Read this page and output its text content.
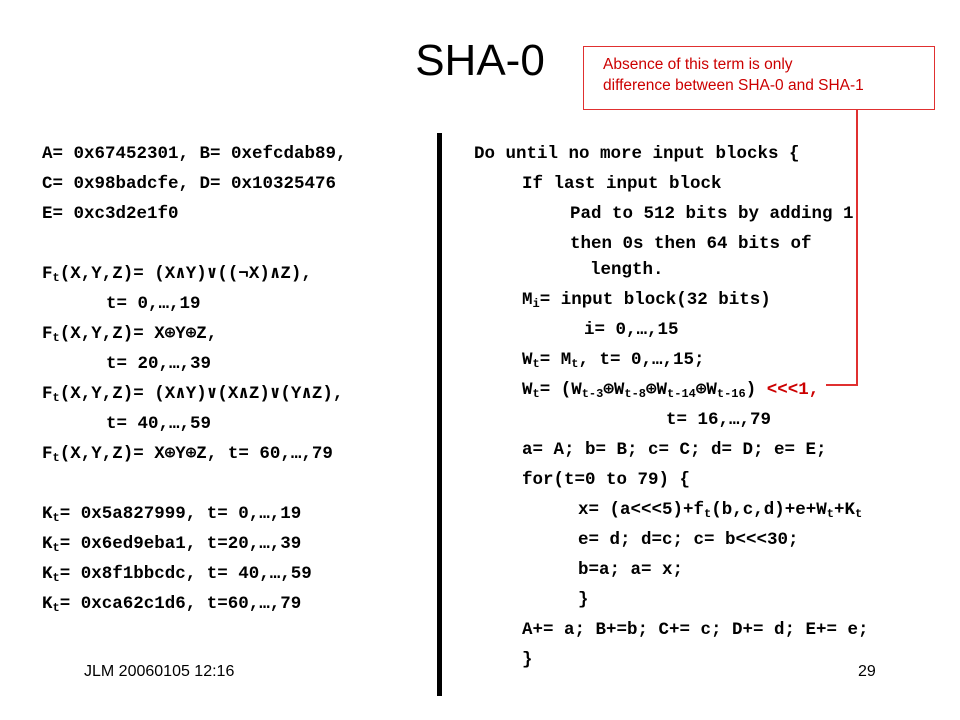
SHA-0	Absence of this term is only
difference between SHA-0 and SHA-1
A= 0x67452301, B= 0xefcdab89,
C= 0x98badcfe, D= 0x10325476
E= 0xc3d2e1f0
$F_t(X,Y,Z)=$ (X∧Y)∨((¬X)∧Z),
t= 0,…,19
$F_t(X,Y,Z)=$ X⊕Y⊕Z,
t= 20,…,39
$F_t(X,Y,Z)=$ (X∧Y)∨(X∧Z)∨(Y∧Z),
t= 40,…,59
$F_t(X,Y,Z)=$ X⊕Y⊕Z, t= 60,…,79
$K_t= 0x5a827999$, t= 0,…,19
$K_t= 0x6ed9eba1$, t=20,…,39
$K_t=$ 0x8f1bbcdc, t= 40,…,59
$K_t= 0xca62c1d6$, t=60,…,79
Do until no more input blocks {
If last input block
Pad to 512 bits by adding 1
then 0s then 64 bits of
length.
$M_i=$ input block(32 bits)
i= 0,…,15
$W_t= M_t$, t= 0,…,15;
$W_t=$ $(W_{t-3}\oplus W_{t-8}\oplus W_{t-14}\oplus W_{t-16}) <<<1$,
t= 16,…,79
a= A; b= B; c= C; d= D; e= E;
for(t=0 to 79) {
$x= (a<<<5)+f_t(b,c,d)+e+W_t+K_t$
e= d; d=c; c= b<<<30;
b=a; a= x;
}
A+= a; B+=b; C+= c; D+= d; E+= e;
}
JLM 20060105 12:16	29
